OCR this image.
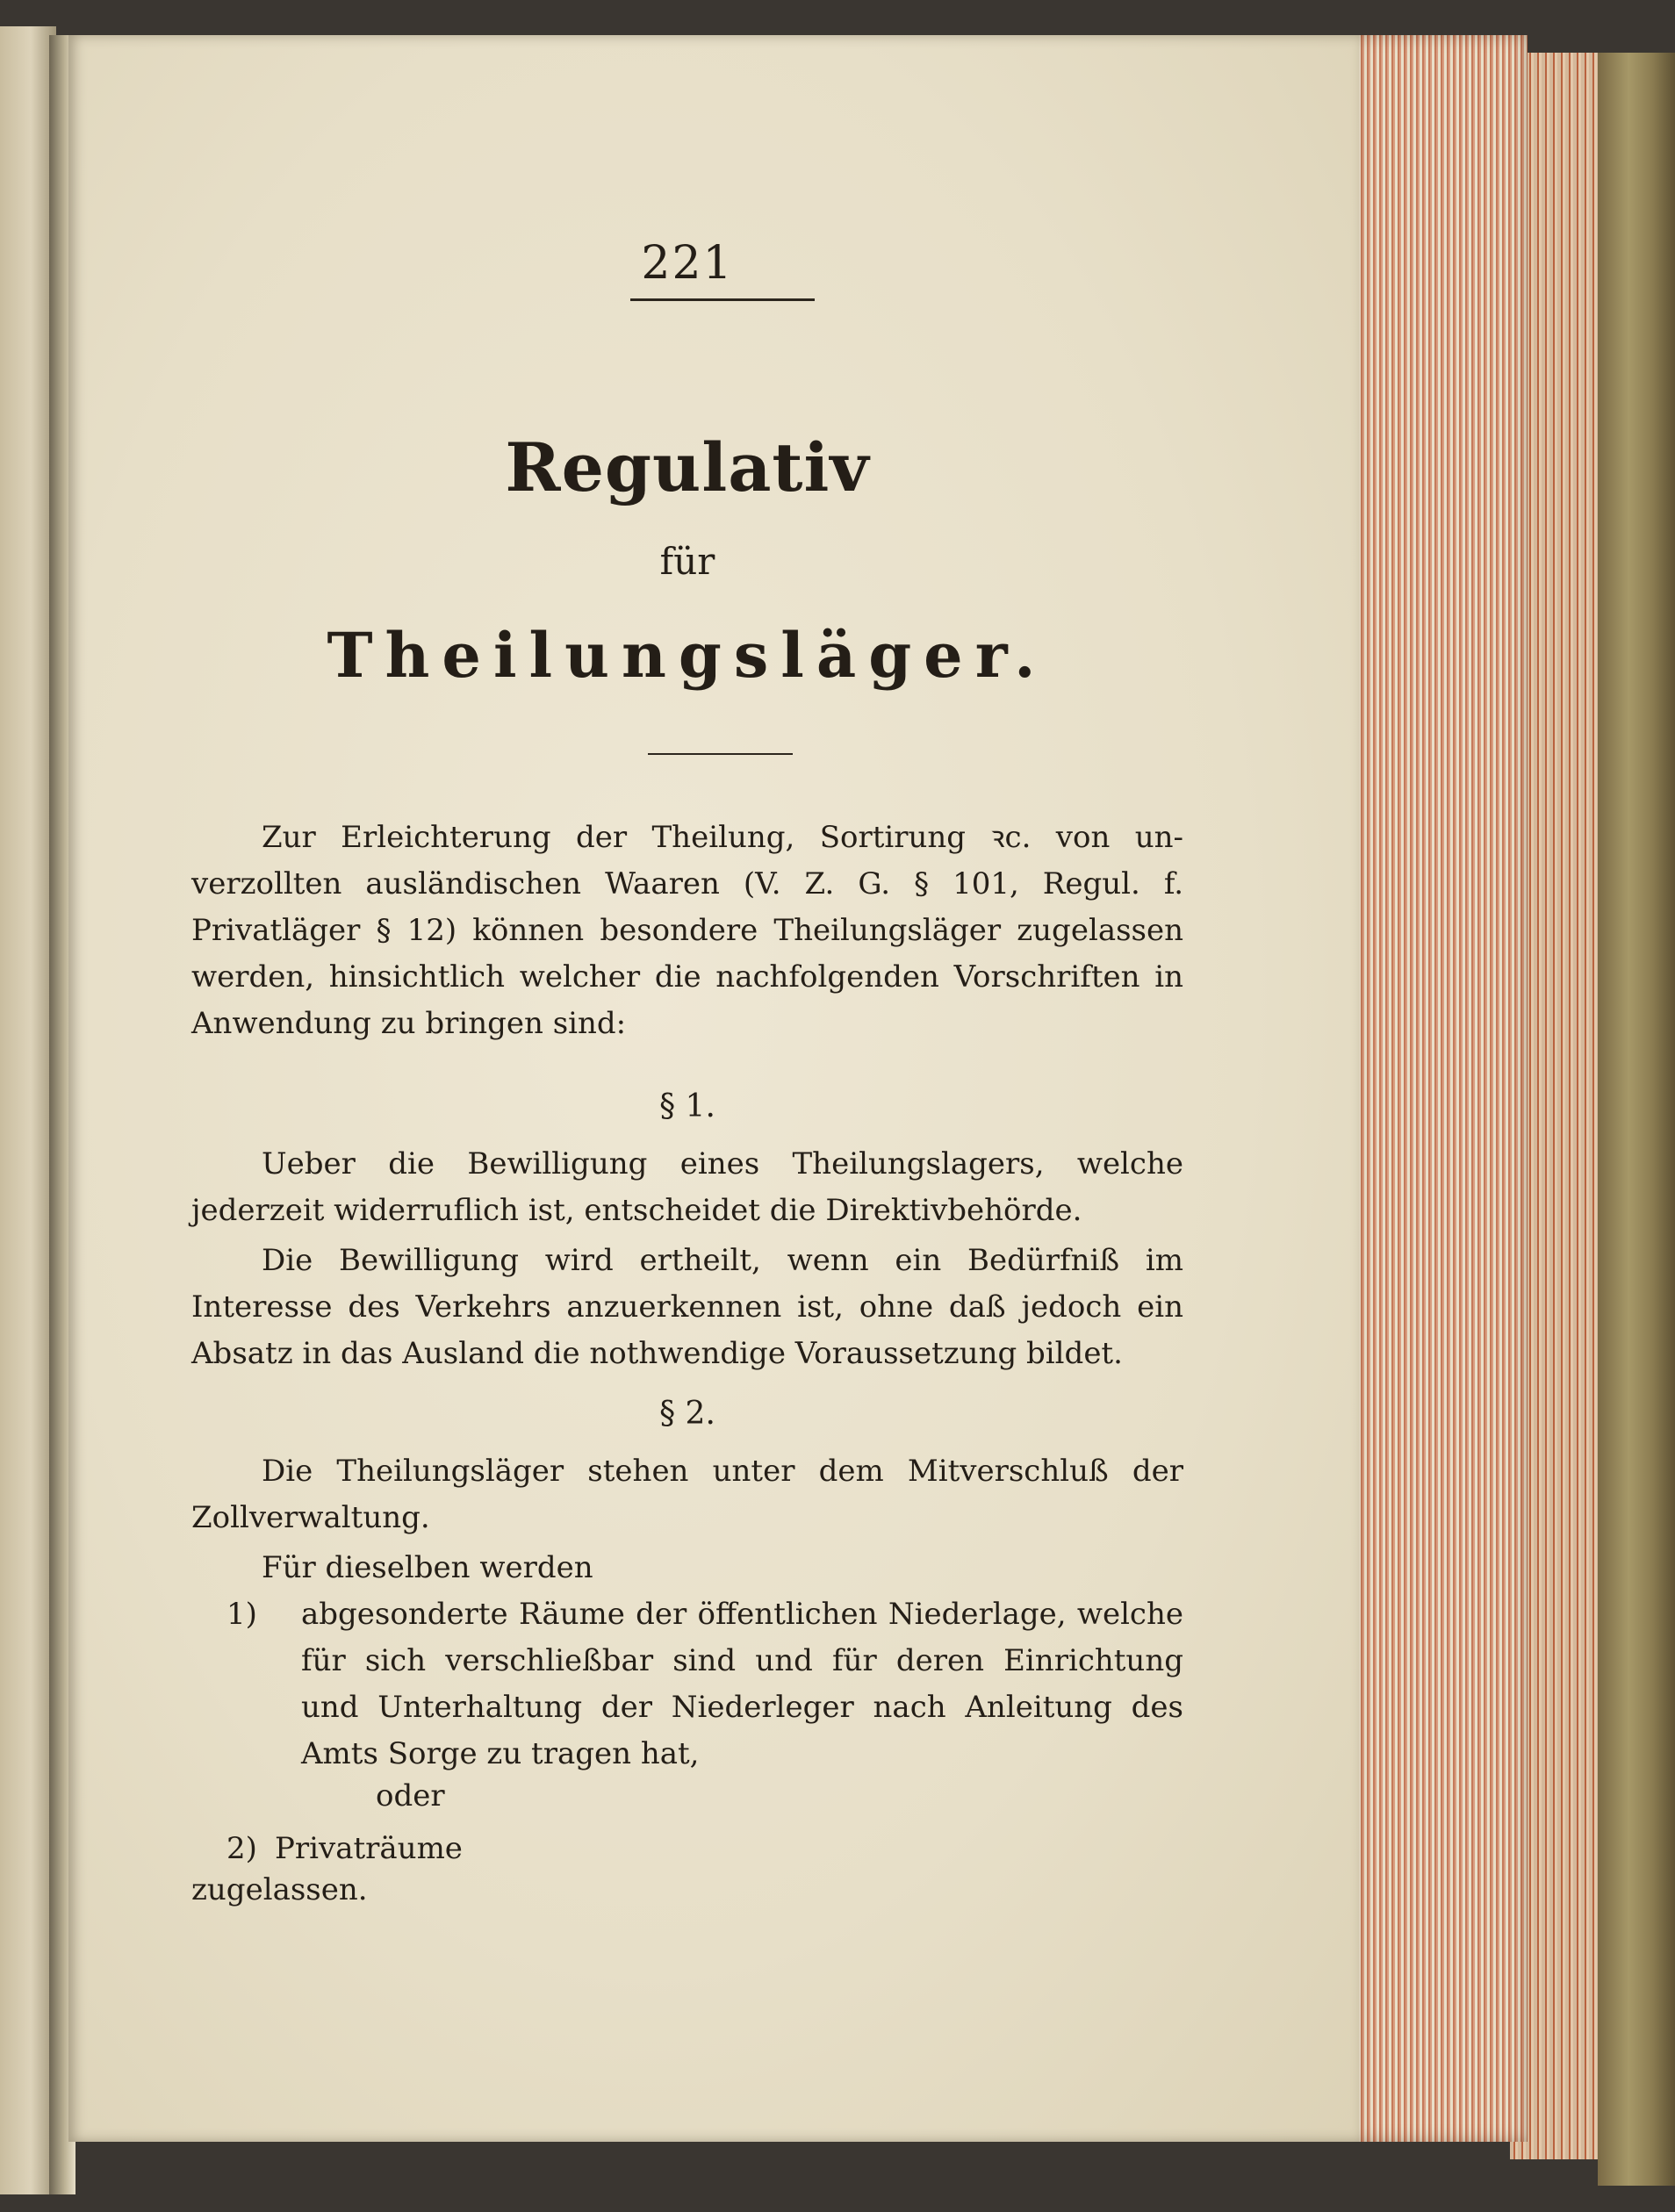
221
Regulativ
für
Theilungsläger.
Zur Erleichterung der Theilung, Sortirung ꝛc. von un-
verzollten ausländischen Waaren (V. Z. G. § 101, Regul. f.
Privatläger § 12) können besondere Theilungsläger zugelassen
werden, hinsichtlich welcher die nachfolgenden Vorschriften in
Anwendung zu bringen sind:
§ 1.
Ueber die Bewilligung eines Theilungslagers, welche
jederzeit widerruflich ist, entscheidet die Direktivbehörde.
Die Bewilligung wird ertheilt, wenn ein Bedürfniß im
Interesse des Verkehrs anzuerkennen ist, ohne daß jedoch ein
Absatz in das Ausland die nothwendige Voraussetzung bildet.
§ 2.
Die Theilungsläger stehen unter dem Mitverschluß der
Zollverwaltung.
Für dieselben werden
1)	abgesonderte Räume der öffentlichen Niederlage, welche
für sich verschließbar sind und für deren Einrichtung
und Unterhaltung der Niederleger nach Anleitung des
Amts Sorge zu tragen hat,
oder
2) Privaträume
zugelassen.
